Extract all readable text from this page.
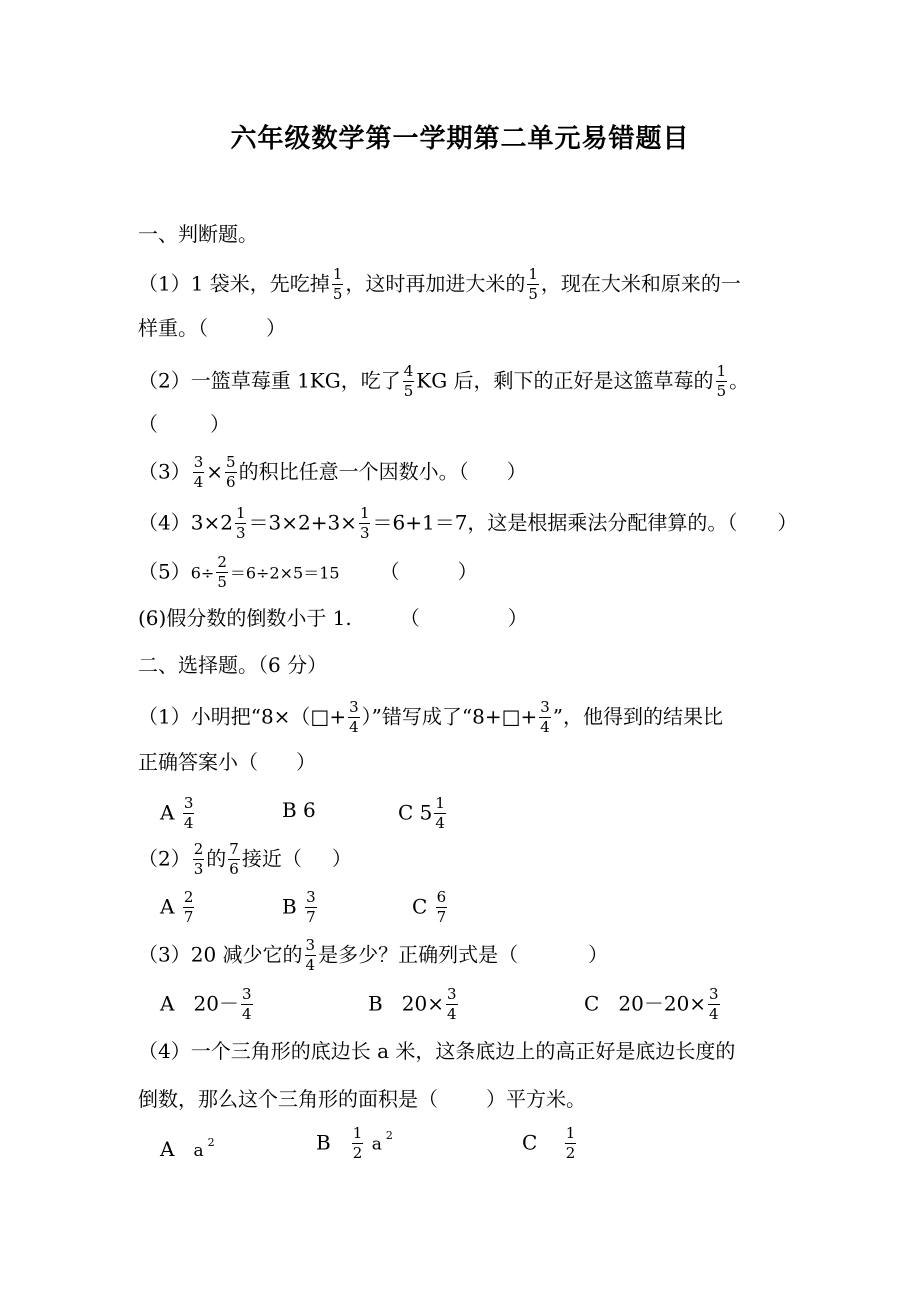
六年级数学第一学期第二单元易错题目
一、判断题。
（1）1 袋米，先吃掉 $\frac{1}{5}$ ，这时再加进大米的 $\frac{1}{5}$ ，现在大米和原来的一
样重。（	）
（2）一篮草莓重 1KG，吃了 $\frac{4}{5}$ KG 后，剩下的正好是这篮草莓的 $\frac{1}{5}$ 。
（	）
$(3) \frac{3}{4} \times \frac{5}{6}$ 的积比任意一个因数小。（ ）
$(4)3\times 2 \frac{1}{3} =3\times 2+3\times \frac{1}{3} =6+1=7$，这是根据乘法分配律算的。（ ）
$(5)6\div \frac{2}{5} =6\div 2\times 5=15$ （	）
(6)假分数的倒数小于 1. （	）
二、选择题。（6 分）
（1）小明把“8×（□+ $\frac{3}{4}$ ）”错写成了“8+□+ $\frac{3}{4}$ ”，他得到的结果比
正确答案小（ ）
A $\frac{3}{4}$	B 6	C $5 \frac{1}{4}$
$(2) \frac{2}{3}$ 的 $\frac{7}{6}$ 接近（ ）
A $\frac{2}{7}$	B $\frac{3}{7}$	C $\frac{6}{7}$
（3）20 减少它的 $\frac{3}{4}$ 是多少？正确列式是（	）
A $20- \frac{3}{4}$	B $20\times \frac{3}{4}$	C $20-20\times \frac{3}{4}$
（4）一个三角形的底边长 a 米，这条底边上的高正好是底边长度的
倒数，那么这个三角形的面积是（ ）平方米。
A a $^2$	B $\frac{1}{2}$ a $^2$	C $\frac{1}{2}$
